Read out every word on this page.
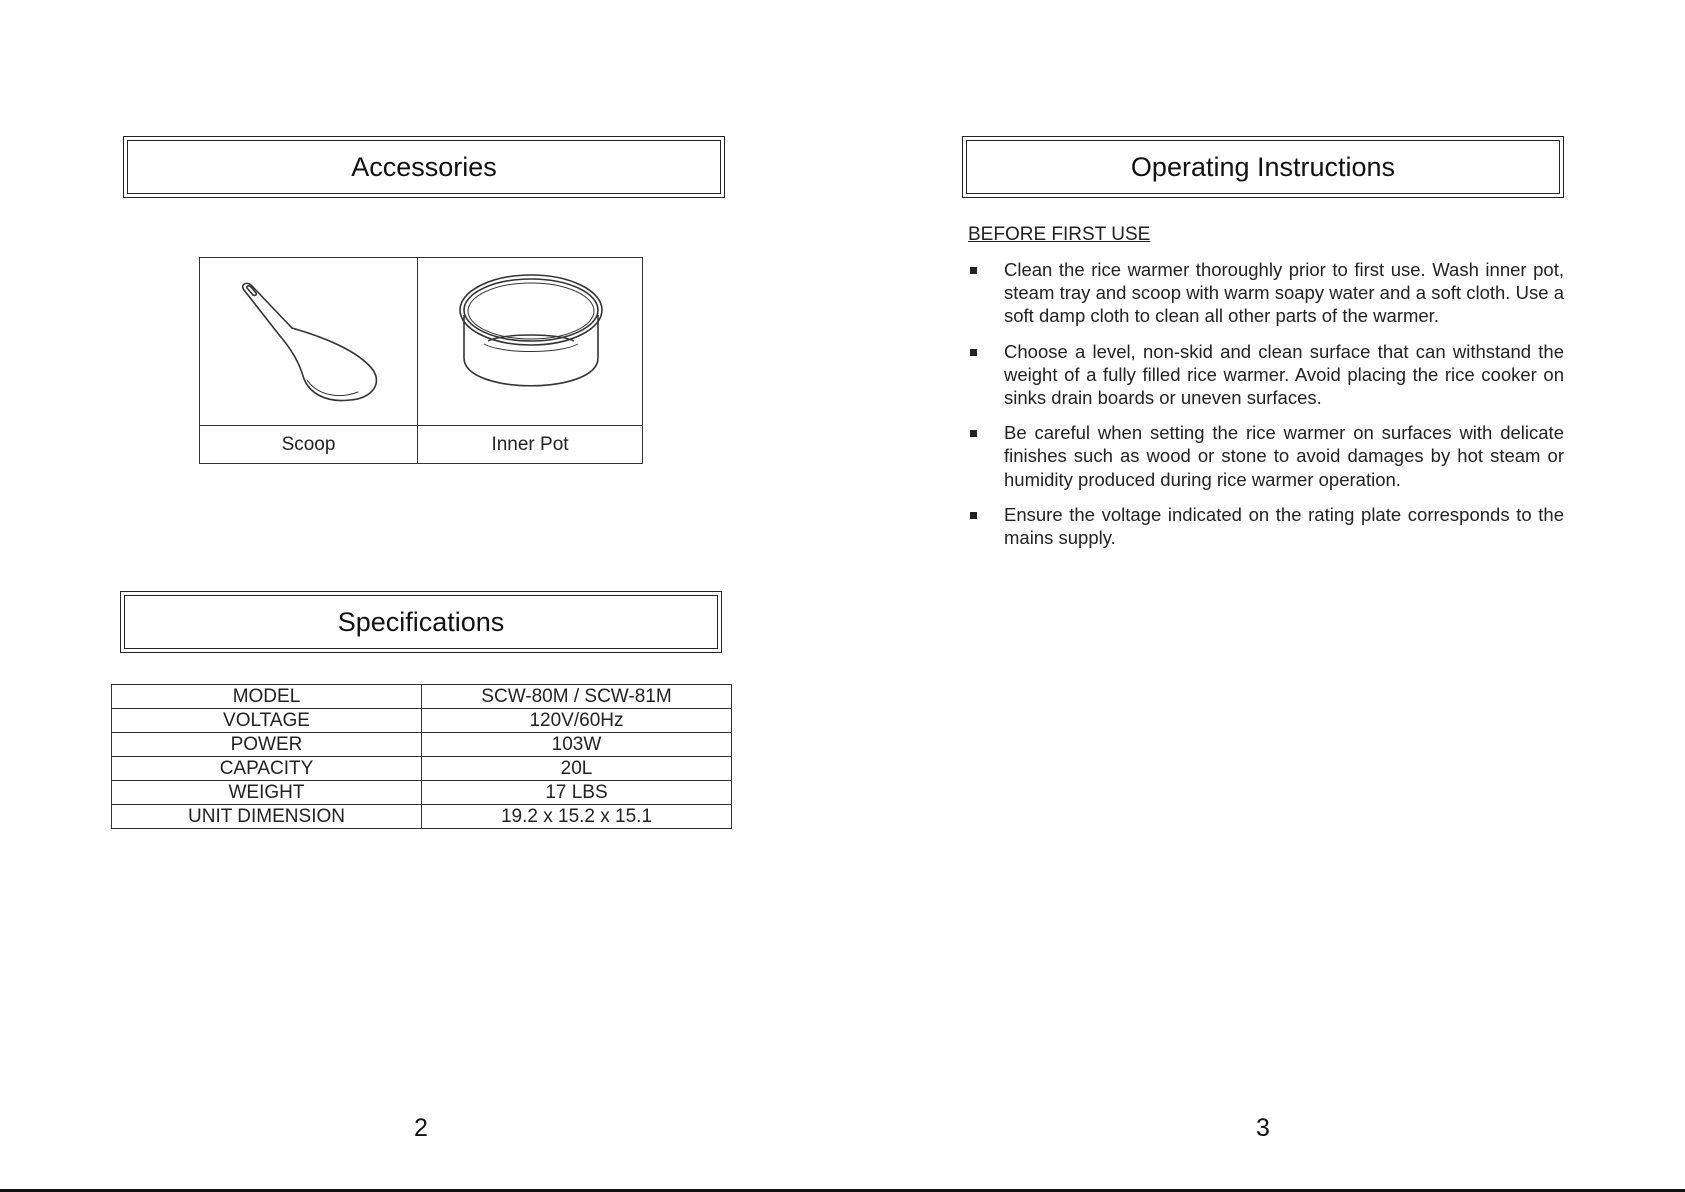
Accessories
Scoop	Inner Pot
Specifications
MODEL	SCW-80M / SCW-81M
VOLTAGE	120V/60Hz
POWER	103W
CAPACITY	20L
WEIGHT	17 LBS
UNIT DIMENSION	19.2 x 15.2 x 15.1
2
Operating Instructions
BEFORE FIRST USE
Clean the rice warmer thoroughly prior to first use. Wash inner pot, steam tray and scoop with warm soapy water and a soft cloth. Use a soft damp cloth to clean all other parts of the warmer.
Choose a level, non-skid and clean surface that can withstand the weight of a fully filled rice warmer. Avoid placing the rice cooker on sinks drain boards or uneven surfaces.
Be careful when setting the rice warmer on surfaces with delicate finishes such as wood or stone to avoid damages by hot steam or humidity produced during rice warmer operation.
Ensure the voltage indicated on the rating plate corresponds to the mains supply.
3
